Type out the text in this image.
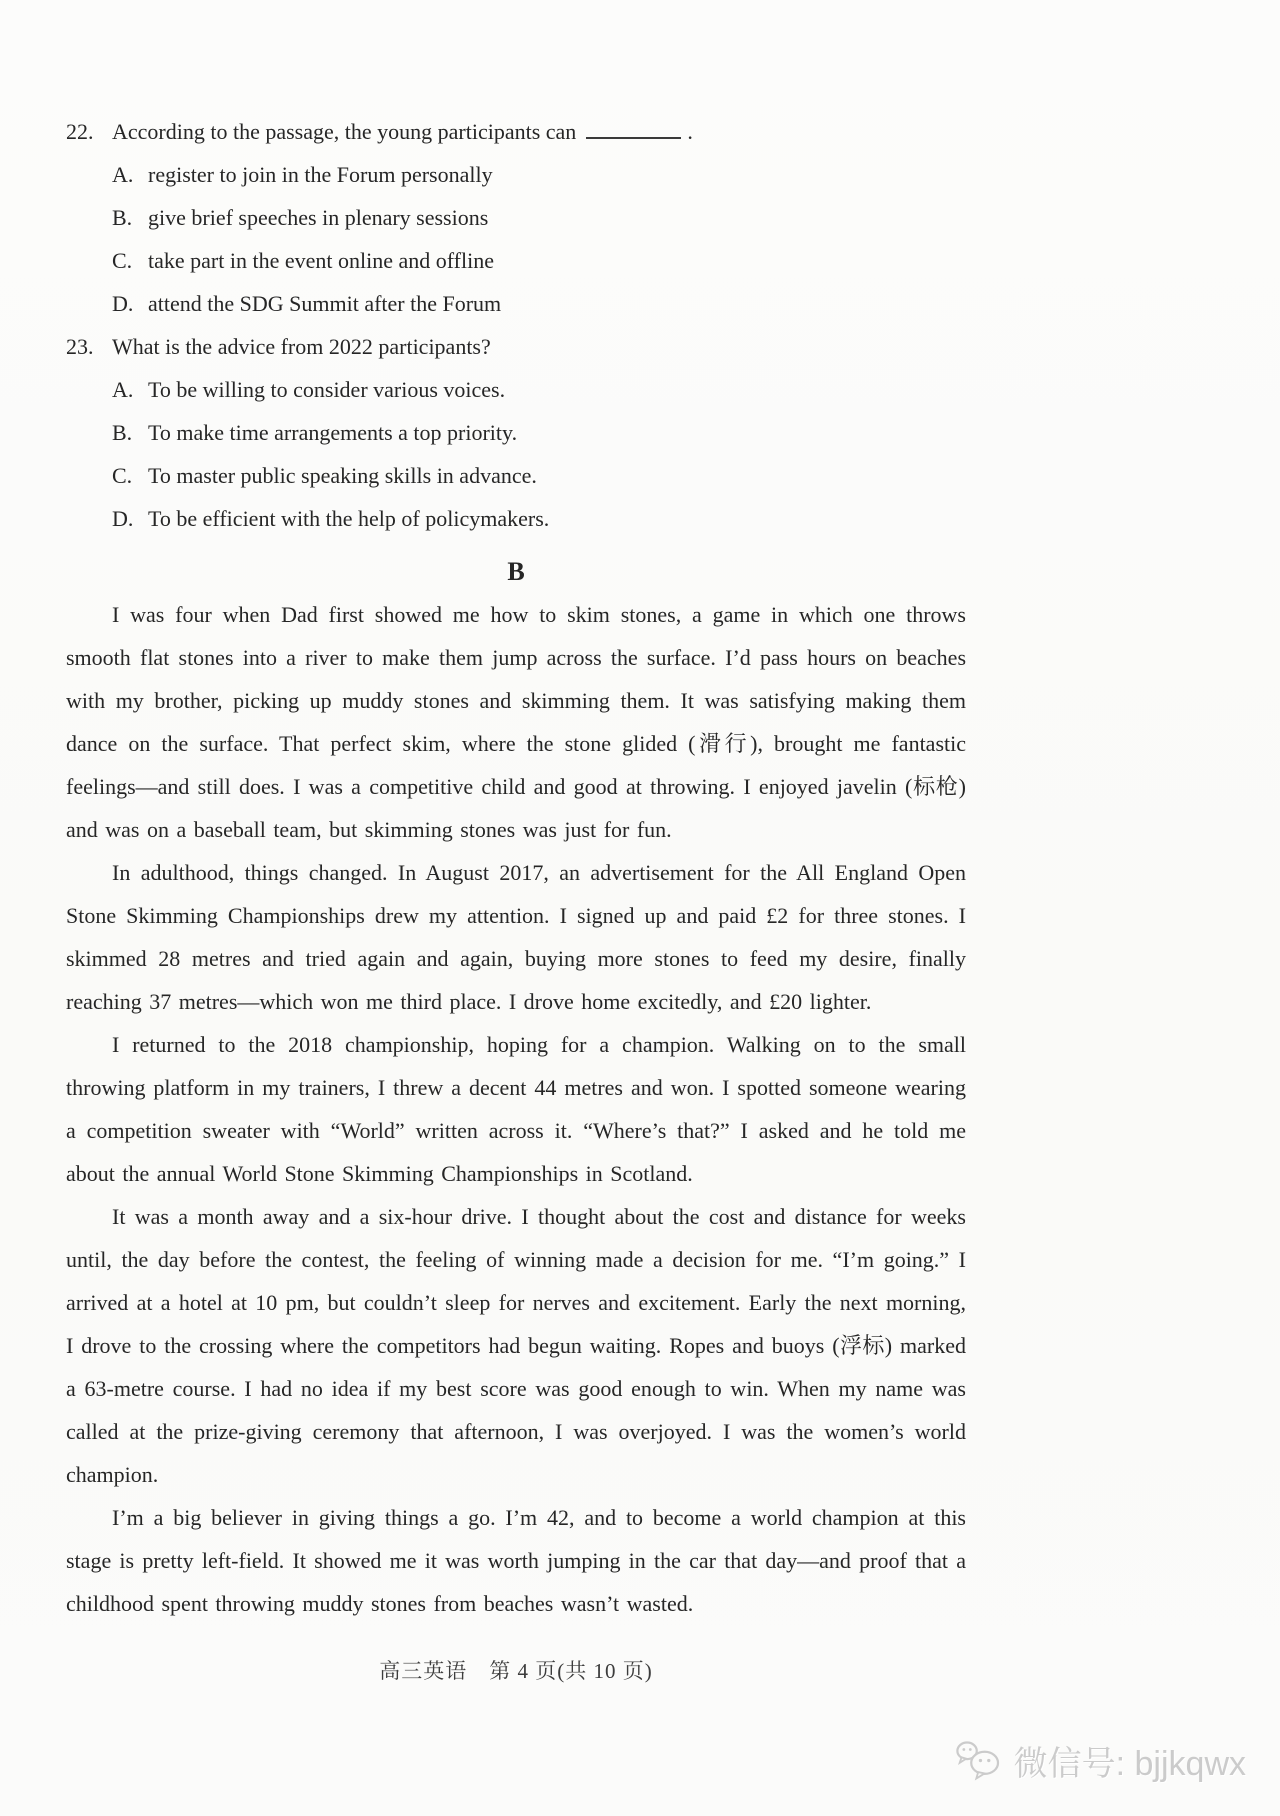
22. According to the passage, the young participants can	.
A. register to join in the Forum personally
B. give brief speeches in plenary sessions
C. take part in the event online and offline
D. attend the SDG Summit after the Forum
23. What is the advice from 2022 participants?
A. To be willing to consider various voices.
B. To make time arrangements a top priority.
C. To master public speaking skills in advance.
D. To be efficient with the help of policymakers.
B

I was four when Dad first showed me how to skim stones, a game in which one throws smooth flat stones into a river to make them jump across the surface. I’d pass hours on beaches with my brother, picking up muddy stones and skimming them. It was satisfying making them dance on the surface. That perfect skim, where the stone glided (滑行), brought me fantastic feelings—and still does. I was a competitive child and good at throwing. I enjoyed javelin (标枪) and was on a baseball team, but skimming stones was just for fun.

In adulthood, things changed. In August 2017, an advertisement for the All England Open Stone Skimming Championships drew my attention. I signed up and paid £2 for three stones. I skimmed 28 metres and tried again and again, buying more stones to feed my desire, finally reaching 37 metres—which won me third place. I drove home excitedly, and £20 lighter.

I returned to the 2018 championship, hoping for a champion. Walking on to the small throwing platform in my trainers, I threw a decent 44 metres and won. I spotted someone wearing a competition sweater with “World” written across it. “Where’s that?” I asked and he told me about the annual World Stone Skimming Championships in Scotland.

It was a month away and a six-hour drive. I thought about the cost and distance for weeks until, the day before the contest, the feeling of winning made a decision for me. “I’m going.” I arrived at a hotel at 10 pm, but couldn’t sleep for nerves and excitement. Early the next morning, I drove to the crossing where the competitors had begun waiting. Ropes and buoys (浮标) marked a 63-metre course. I had no idea if my best score was good enough to win. When my name was called at the prize-giving ceremony that afternoon, I was overjoyed. I was the women’s world champion.

I’m a big believer in giving things a go. I’m 42, and to become a world champion at this stage is pretty left-field. It showed me it was worth jumping in the car that day—and proof that a childhood spent throwing muddy stones from beaches wasn’t wasted.

高三英语　第 4 页(共 10 页)
微信号: bjjkqwx
